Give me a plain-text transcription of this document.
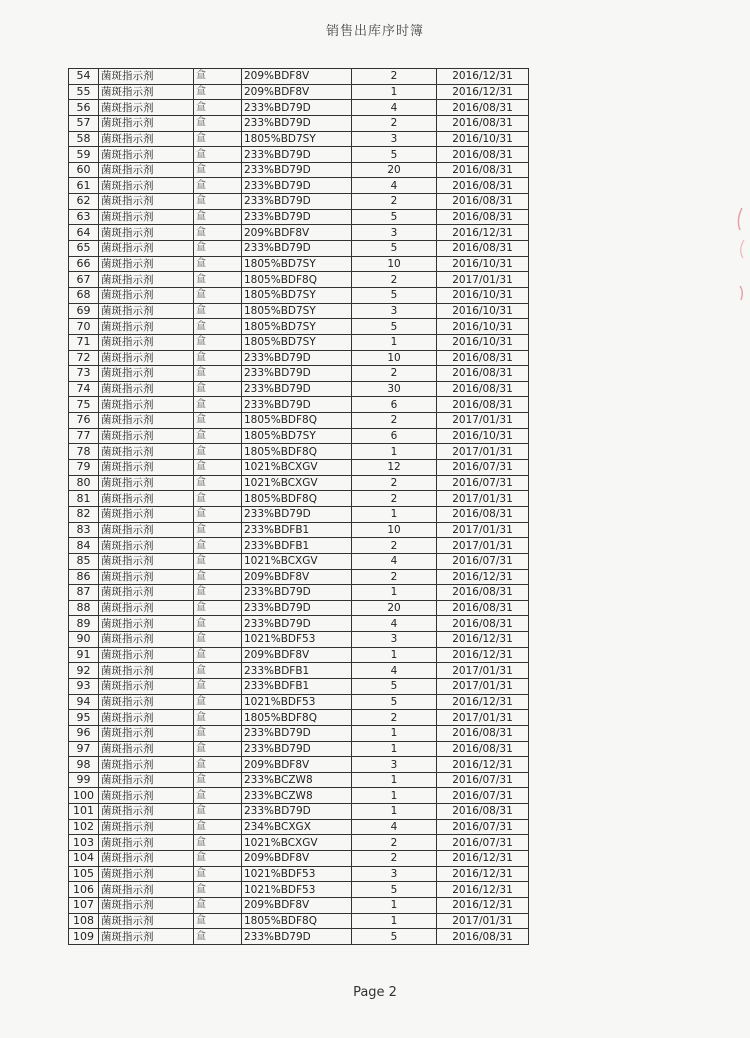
销售出库序时簿
54	菌斑指示剂	盒	209%BDF8V	2	2016/12/31
55	菌斑指示剂	盒	209%BDF8V	1	2016/12/31
56	菌斑指示剂	盒	233%BD79D	4	2016/08/31
57	菌斑指示剂	盒	233%BD79D	2	2016/08/31
58	菌斑指示剂	盒	1805%BD7SY	3	2016/10/31
59	菌斑指示剂	盒	233%BD79D	5	2016/08/31
60	菌斑指示剂	盒	233%BD79D	20	2016/08/31
61	菌斑指示剂	盒	233%BD79D	4	2016/08/31
62	菌斑指示剂	盒	233%BD79D	2	2016/08/31
63	菌斑指示剂	盒	233%BD79D	5	2016/08/31
64	菌斑指示剂	盒	209%BDF8V	3	2016/12/31
65	菌斑指示剂	盒	233%BD79D	5	2016/08/31
66	菌斑指示剂	盒	1805%BD7SY	10	2016/10/31
67	菌斑指示剂	盒	1805%BDF8Q	2	2017/01/31
68	菌斑指示剂	盒	1805%BD7SY	5	2016/10/31
69	菌斑指示剂	盒	1805%BD7SY	3	2016/10/31
70	菌斑指示剂	盒	1805%BD7SY	5	2016/10/31
71	菌斑指示剂	盒	1805%BD7SY	1	2016/10/31
72	菌斑指示剂	盒	233%BD79D	10	2016/08/31
73	菌斑指示剂	盒	233%BD79D	2	2016/08/31
74	菌斑指示剂	盒	233%BD79D	30	2016/08/31
75	菌斑指示剂	盒	233%BD79D	6	2016/08/31
76	菌斑指示剂	盒	1805%BDF8Q	2	2017/01/31
77	菌斑指示剂	盒	1805%BD7SY	6	2016/10/31
78	菌斑指示剂	盒	1805%BDF8Q	1	2017/01/31
79	菌斑指示剂	盒	1021%BCXGV	12	2016/07/31
80	菌斑指示剂	盒	1021%BCXGV	2	2016/07/31
81	菌斑指示剂	盒	1805%BDF8Q	2	2017/01/31
82	菌斑指示剂	盒	233%BD79D	1	2016/08/31
83	菌斑指示剂	盒	233%BDFB1	10	2017/01/31
84	菌斑指示剂	盒	233%BDFB1	2	2017/01/31
85	菌斑指示剂	盒	1021%BCXGV	4	2016/07/31
86	菌斑指示剂	盒	209%BDF8V	2	2016/12/31
87	菌斑指示剂	盒	233%BD79D	1	2016/08/31
88	菌斑指示剂	盒	233%BD79D	20	2016/08/31
89	菌斑指示剂	盒	233%BD79D	4	2016/08/31
90	菌斑指示剂	盒	1021%BDF53	3	2016/12/31
91	菌斑指示剂	盒	209%BDF8V	1	2016/12/31
92	菌斑指示剂	盒	233%BDFB1	4	2017/01/31
93	菌斑指示剂	盒	233%BDFB1	5	2017/01/31
94	菌斑指示剂	盒	1021%BDF53	5	2016/12/31
95	菌斑指示剂	盒	1805%BDF8Q	2	2017/01/31
96	菌斑指示剂	盒	233%BD79D	1	2016/08/31
97	菌斑指示剂	盒	233%BD79D	1	2016/08/31
98	菌斑指示剂	盒	209%BDF8V	3	2016/12/31
99	菌斑指示剂	盒	233%BCZW8	1	2016/07/31
100	菌斑指示剂	盒	233%BCZW8	1	2016/07/31
101	菌斑指示剂	盒	233%BD79D	1	2016/08/31
102	菌斑指示剂	盒	234%BCXGX	4	2016/07/31
103	菌斑指示剂	盒	1021%BCXGV	2	2016/07/31
104	菌斑指示剂	盒	209%BDF8V	2	2016/12/31
105	菌斑指示剂	盒	1021%BDF53	3	2016/12/31
106	菌斑指示剂	盒	1021%BDF53	5	2016/12/31
107	菌斑指示剂	盒	209%BDF8V	1	2016/12/31
108	菌斑指示剂	盒	1805%BDF8Q	1	2017/01/31
109	菌斑指示剂	盒	233%BD79D	5	2016/08/31
Page 2
